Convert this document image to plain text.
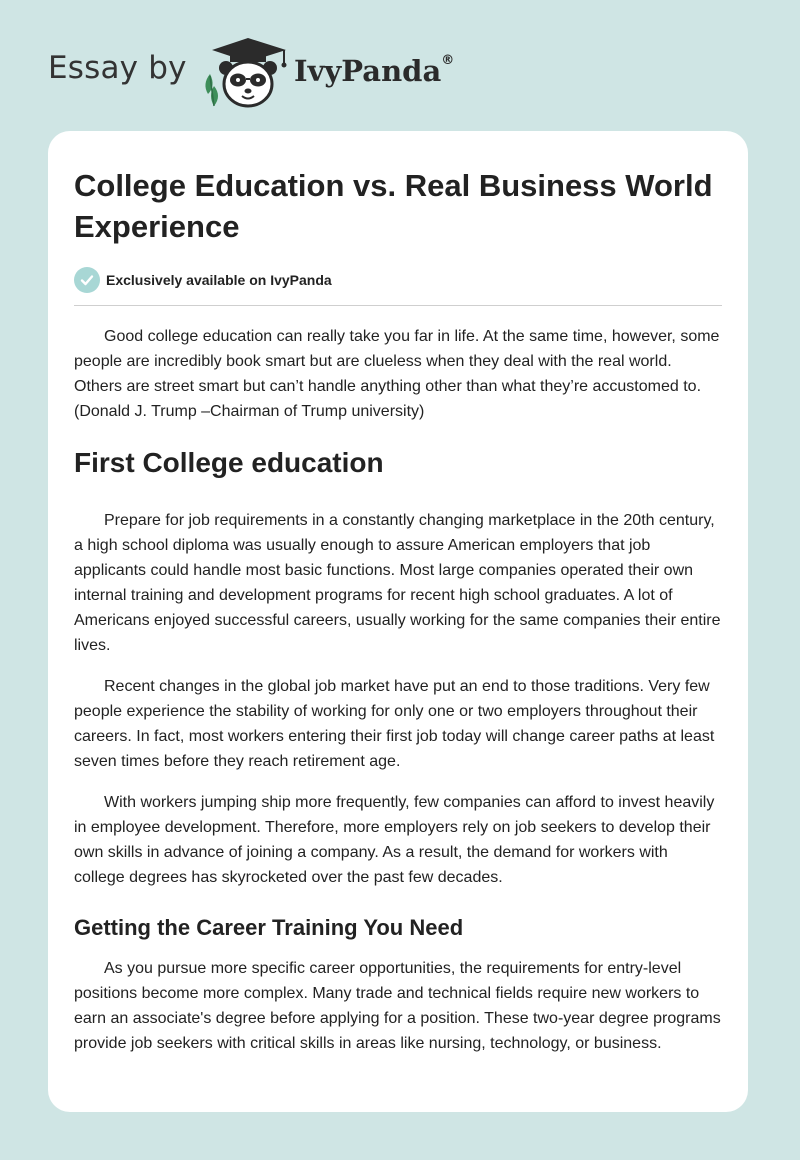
Essay by	IvyPanda®
College Education vs. Real Business World Experience
Exclusively available on IvyPanda

Good college education can really take you far in life. At the same time, however, some people are incredibly book smart but are clueless when they deal with the real world. Others are street smart but can’t handle anything other than what they’re accustomed to. (Donald J. Trump –Chairman of Trump university)

First College education

Prepare for job requirements in a constantly changing marketplace in the 20th century, a high school diploma was usually enough to assure American employers that job applicants could handle most basic functions. Most large companies operated their own internal training and development programs for recent high school graduates. A lot of Americans enjoyed successful careers, usually working for the same companies their entire lives.

Recent changes in the global job market have put an end to those traditions. Very few people experience the stability of working for only one or two employers throughout their careers. In fact, most workers entering their first job today will change career paths at least seven times before they reach retirement age.

With workers jumping ship more frequently, few companies can afford to invest heavily in employee development. Therefore, more employers rely on job seekers to develop their own skills in advance of joining a company. As a result, the demand for workers with college degrees has skyrocketed over the past few decades.

Getting the Career Training You Need

As you pursue more specific career opportunities, the requirements for entry-level positions become more complex. Many trade and technical fields require new workers to earn an associate's degree before applying for a position. These two-year degree programs provide job seekers with critical skills in areas like nursing, technology, or business.
